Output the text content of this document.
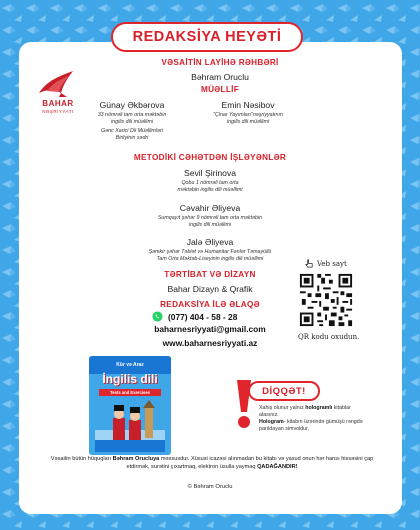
REDAKSİYA HEYƏTİ
BAHAR
NƏŞRİYYATI
VƏSAİTİN LAYİHƏ RƏHBƏRİ
Bəhram Oruclu
MÜƏLLİF
Günay Əkbərova
33 nömrəli tam orta məktəbin
ingilis dili müəllimi
Gənc Xarici Dil Müəllimləri
Birliyinin sədri
Emin Nəsibov
"Çinar Yayımları"nəşriyyatının
ingilis dili müəllimi
METODİKİ CƏHƏTDƏN İŞLƏYƏNLƏR
Sevil Şirinova
Qobu 1 nömrəli tam orta
məktəbin ingilis dili müəllimi
Cəvahir Əliyeva
Sumqayıt şəhər 9 nömrəli tam orta məktəbin
ingilis dili müəllimi
Jalə Əliyeva
Şəmkir şəhər Təbiət və Humanitar Fənlər Təmayüllü
Tam Orta Məktəb-Liseyinin ingilis dili müəllimi
TƏRTİBAT VƏ DİZAYN
Bahar Dizayn & Qrafik
REDAKSİYA İLƏ ƏLAQƏ
(077) 404 - 58 - 28
baharnesriyyati@gmail.com
www.baharnesriyyati.az
Veb sayt
QR kodu oxudun.
Kür və Araz
İngilis dili
Tests and Exercises	DİQQƏT!
Xahiş olunur yalnız hologramlı kitablar alasınız.
Hologram- kitabın üzərində gümüşü rəngdə parıldayan simvoldur.
Vəsaitin bütün hüquqları Bəhram Orucluya məxsusdur. Xüsusi icazəsi alınmadan bu kitabı və yaxud onun hər hansı hissəsini çap etdirmək, surətini çıxartmaq, elektron üsulla yaymaq QADAĞANDIR!
© Bəhram Oruclu
